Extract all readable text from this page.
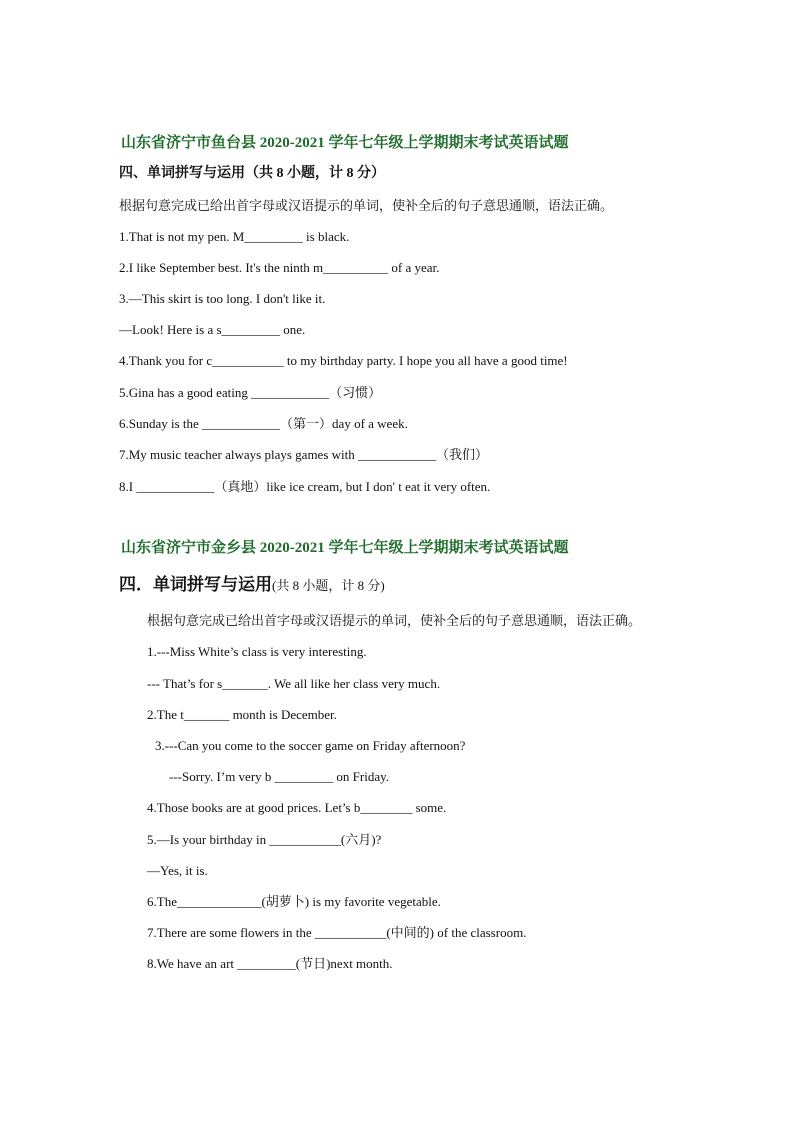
山东省济宁市鱼台县 2020-2021 学年七年级上学期期末考试英语试题
四、单词拼写与运用（共 8 小题，计 8 分）
根据句意完成已给出首字母或汉语提示的单词，使补全后的句子意思通顺，语法正确。
1.That is not my pen. M_________ is black.
2.I like September best. It's the ninth m__________ of a year.
3.—This skirt is too long. I don't like it.
—Look! Here is a s_________ one.
4.Thank you for c___________ to my birthday party. I hope you all have a good time!
5.Gina has a good eating ____________（习惯）
6.Sunday is the ____________（第一）day of a week.
7.My music teacher always plays games with ____________（我们）
8.I ____________（真地）like ice cream, but I don' t eat it very often.
山东省济宁市金乡县 2020-2021 学年七年级上学期期末考试英语试题
四．单词拼写与运用(共 8 小题，计 8 分)
根据句意完成已给出首字母或汉语提示的单词，使补全后的句子意思通顺，语法正确。
1.---Miss White’s class is very interesting.
--- That’s for s_______. We all like her class very much.
2.The t_______ month is December.
3.---Can you come to the soccer game on Friday afternoon?
---Sorry. I’m very b _________ on Friday.
4.Those books are at good prices. Let’s b________ some.
5.—Is your birthday in ___________(六月)?
—Yes, it is.
6.The_____________(胡萝卜) is my favorite vegetable.
7.There are some flowers in the ___________(中间的) of the classroom.
8.We have an art _________(节日)next month.
